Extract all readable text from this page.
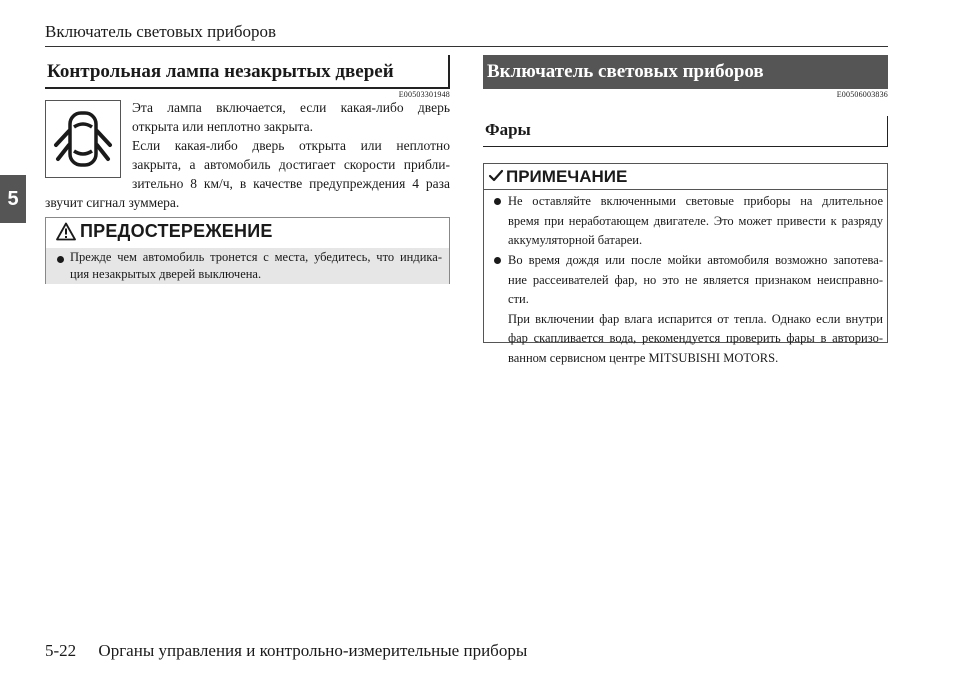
Включатель световых приборов
5
Контрольная лампа незакрытых дверей
E00503301948
Эта лампа включается, если какая-либо дверь
открыта или неплотно закрыта.
Если какая-либо дверь открыта или неплотно
закрыта, а автомобиль достигает скорости прибли-
зительно 8 км/ч, в качестве предупреждения 4 раза
звучит сигнал зуммера.
ПРЕДОСТЕРЕЖЕНИЕ
Прежде чем автомобиль тронется с места, убедитесь, что индика-
ция незакрытых дверей выключена.
Включатель световых приборов
E00506003836
Фары
ПРИМЕЧАНИЕ
Не оставляйте включенными световые приборы на длительное
время при неработающем двигателе. Это может привести к разряду
аккумуляторной батареи.
Во время дождя или после мойки автомобиля возможно запотева-
ние рассеивателей фар, но это не является признаком неисправно-
сти.
При включении фар влага испарится от тепла. Однако если внутри
фар скапливается вода, рекомендуется проверить фары в авторизо-
ванном сервисном центре MITSUBISHI MOTORS.
5-22 Органы управления и контрольно-измерительные приборы
